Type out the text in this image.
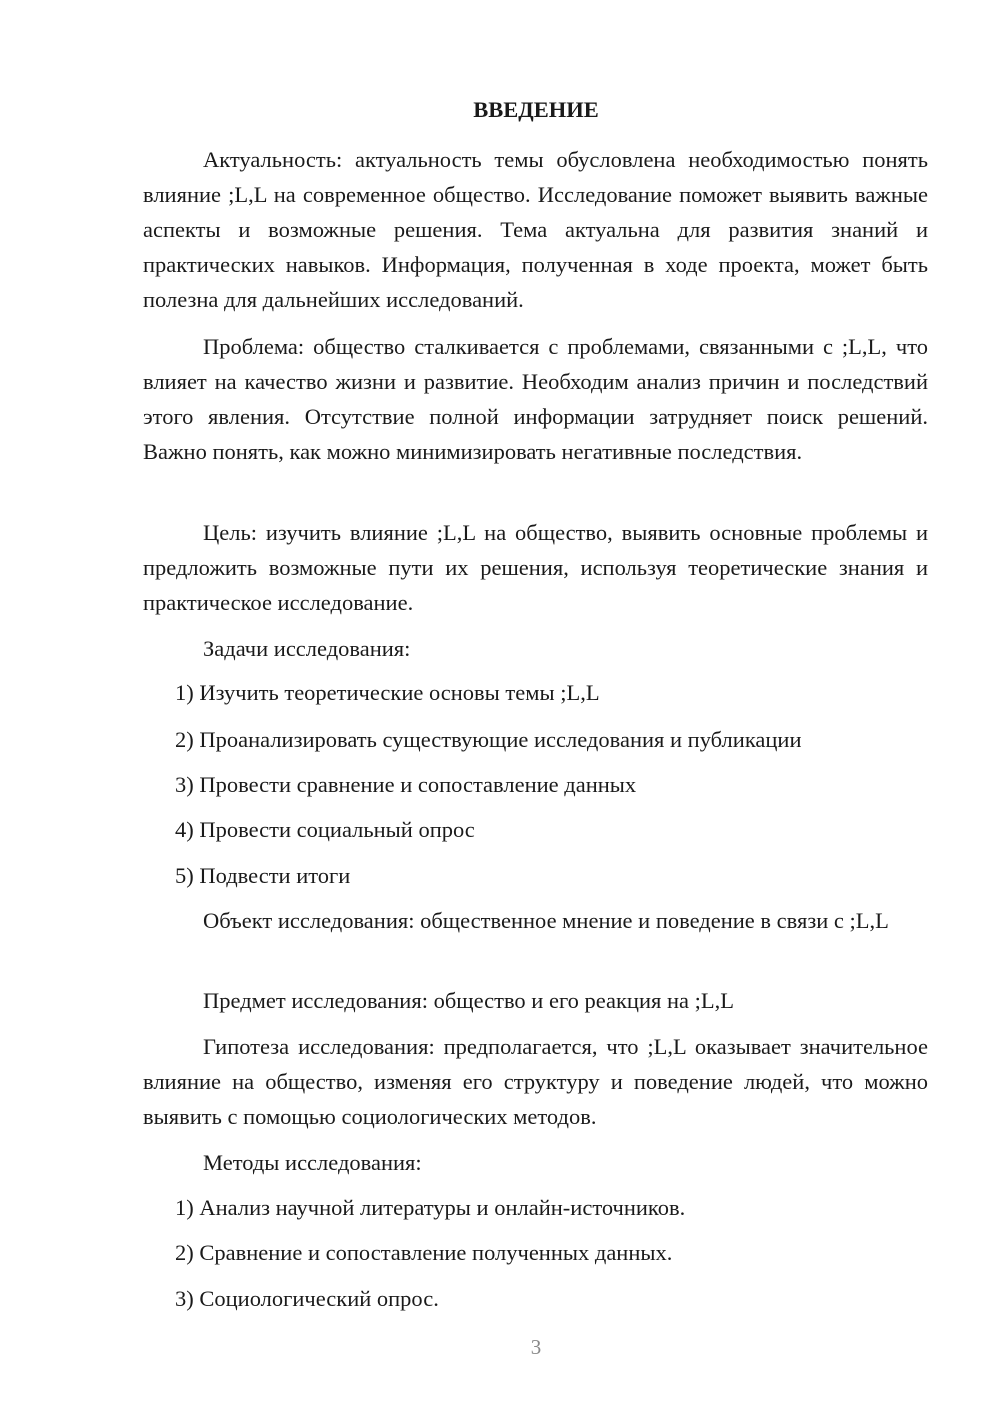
ВВЕДЕНИЕ

Актуальность: актуальность темы обусловлена необходимостью понять влияние ;L,L на современное общество. Исследование поможет выявить важные аспекты и возможные решения. Тема актуальна для развития знаний и практических навыков. Информация, полученная в ходе проекта, может быть полезна для дальнейших исследований.

Проблема: общество сталкивается с проблемами, связанными с ;L,L, что влияет на качество жизни и развитие. Необходим анализ причин и последствий этого явления. Отсутствие полной информации затрудняет поиск решений. Важно понять, как можно минимизировать негативные последствия.

Цель: изучить влияние ;L,L на общество, выявить основные проблемы и предложить возможные пути их решения, используя теоретические знания и практическое исследование.

Задачи исследования:

1) Изучить теоретические основы темы ;L,L

2) Проанализировать существующие исследования и публикации

3) Провести сравнение и сопоставление данных

4) Провести социальный опрос

5) Подвести итоги

Объект исследования: общественное мнение и поведение в связи с ;L,L

Предмет исследования: общество и его реакция на ;L,L

Гипотеза исследования: предполагается, что ;L,L оказывает значительное влияние на общество, изменяя его структуру и поведение людей, что можно выявить с помощью социологических методов.

Методы исследования:

1) Анализ научной литературы и онлайн-источников.

2) Сравнение и сопоставление полученных данных.

3) Социологический опрос.

3
